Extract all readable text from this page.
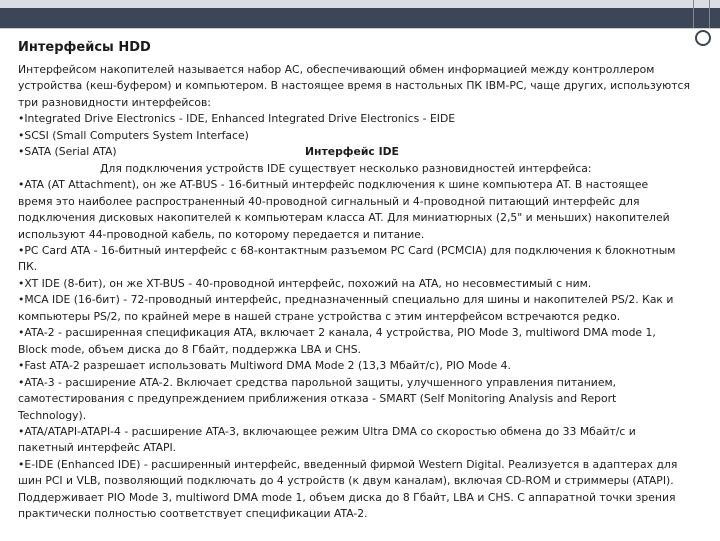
Интерфейсы HDD

Интерфейсом накопителей называется набор АС, обеспечивающий обмен информацией между контроллером

устройства (кеш-буфером) и компьютером. В настоящее время в настольных ПК IBM-PC, чаще других, используются

три разновидности интерфейсов:

•Integrated Drive Electronics - IDE, Enhanced Integrated Drive Electronics - EIDE

•SCSI (Small Computers System Interface)

•SATA (Serial ATA)	Интерфейс IDE

Для подключения устройств IDE существует несколько разновидностей интерфейса:

•ATA (AT Attachment), он же AT-BUS - 16-битный интерфейс подключения к шине компьютера AT. В настоящее

время это наиболее распространенный 40-проводной сигнальный и 4-проводной питающий интерфейс для

подключения дисковых накопителей к компьютерам класса AT. Для миниатюрных (2,5" и меньших) накопителей

используют 44-проводной кабель, по которому передается и питание.

•PC Card ATA - 16-битный интерфейс с 68-контактным разъемом PC Card (PCMCIA) для подключения к блокнотным

ПК.

•XT IDE (8-бит), он же XT-BUS - 40-проводной интерфейс, похожий на ATA, но несовместимый с ним.

•MCA IDE (16-бит) - 72-проводный интерфейс, предназначенный специально для шины и накопителей PS/2. Как и

компьютеры PS/2, по крайней мере в нашей стране устройства с этим интерфейсом встречаются редко.

•ATA-2 - расширенная спецификация ATA, включает 2 канала, 4 устройства, PIO Mode 3, multiword DMA mode 1,

Block mode, объем диска до 8 Гбайт, поддержка LBA и CHS.

•Fast ATA-2 разрешает использовать Multiword DMA Mode 2 (13,3 Мбайт/с), PIO Mode 4.

•ATA-3 - расширение ATA-2. Включает средства парольной защиты, улучшенного управления питанием,

самотестирования с предупреждением приближения отказа - SMART (Self Monitoring Analysis and Report

Technology).

•ATA/ATAPI-ATAPI-4 - расширение ATA-3, включающее режим Ultra DMA со скоростью обмена до 33 Мбайт/с и

пакетный интерфейс ATAPI.

•E-IDE (Enhanced IDE) - расширенный интерфейс, введенный фирмой Western Digital. Реализуется в адаптерах для

шин PCI и VLB, позволяющий подключать до 4 устройств (к двум каналам), включая CD-ROM и стриммеры (ATAPI).

Поддерживает PIO Mode 3, multiword DMA mode 1, объем диска до 8 Гбайт, LBA и CHS. С аппаратной точки зрения

практически полностью соответствует спецификации ATA-2.
